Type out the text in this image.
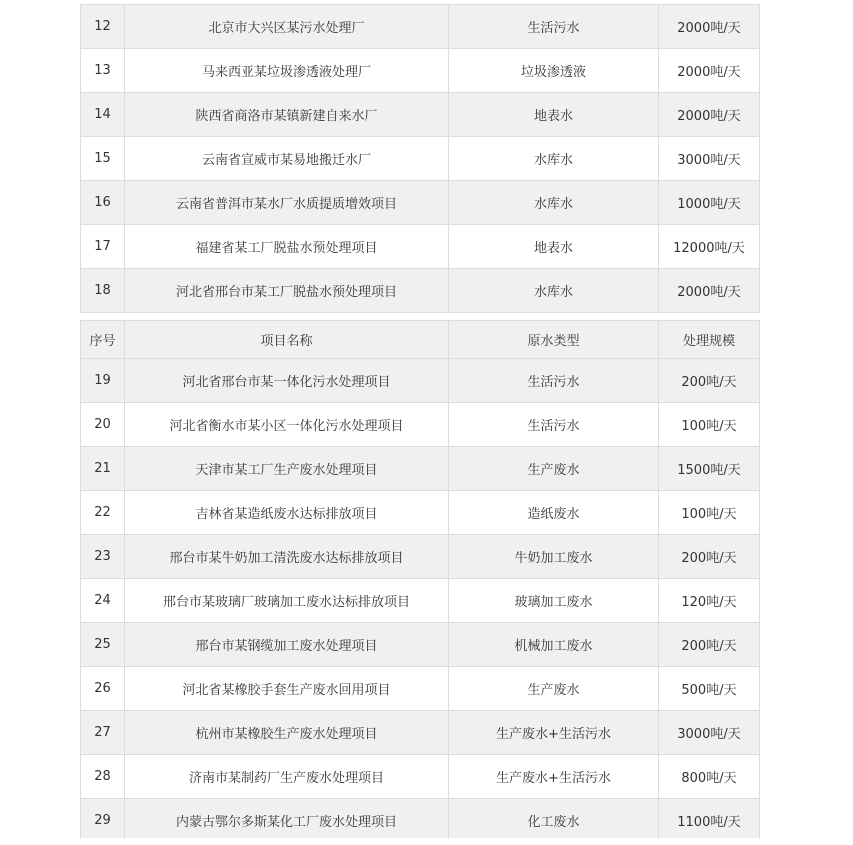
12	北京市大兴区某污水处理厂	生活污水	2000吨/天
13	马来西亚某垃圾渗透液处理厂	垃圾渗透液	2000吨/天
14	陕西省商洛市某镇新建自来水厂	地表水	2000吨/天
15	云南省宣威市某易地搬迁水厂	水库水	3000吨/天
16	云南省普洱市某水厂水质提质增效项目	水库水	1000吨/天
17	福建省某工厂脱盐水预处理项目	地表水	12000吨/天
18	河北省邢台市某工厂脱盐水预处理项目	水库水	2000吨/天
序号	项目名称	原水类型	处理规模
19	河北省邢台市某一体化污水处理项目	生活污水	200吨/天
20	河北省衡水市某小区一体化污水处理项目	生活污水	100吨/天
21	天津市某工厂生产废水处理项目	生产废水	1500吨/天
22	吉林省某造纸废水达标排放项目	造纸废水	100吨/天
23	邢台市某牛奶加工清洗废水达标排放项目	牛奶加工废水	200吨/天
24	邢台市某玻璃厂玻璃加工废水达标排放项目	玻璃加工废水	120吨/天
25	邢台市某钢缆加工废水处理项目	机械加工废水	200吨/天
26	河北省某橡胶手套生产废水回用项目	生产废水	500吨/天
27	杭州市某橡胶生产废水处理项目	生产废水+生活污水	3000吨/天
28	济南市某制药厂生产废水处理项目	生产废水+生活污水	800吨/天
29	内蒙古鄂尔多斯某化工厂废水处理项目	化工废水	1100吨/天
